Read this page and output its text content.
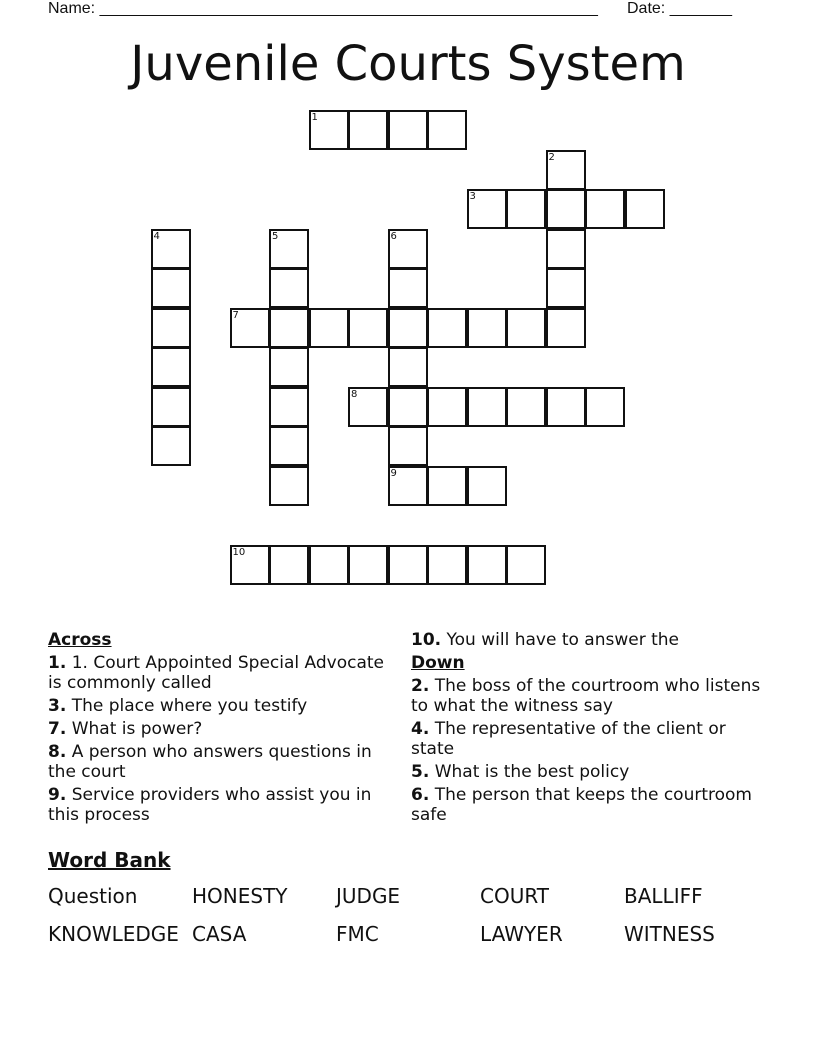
Name: ________________________________________________________ Date: _______
Juvenile Courts System
1
2
3
4	5	6
7
8
9
10
Across
1. 1. Court Appointed Special Advocate is commonly called
3. The place where you testify
7. What is power?
8. A person who answers questions in the court
9. Service providers who assist you in this process
10. You will have to answer the
Down
2. The boss of the courtroom who listens to what the witness say
4. The representative of the client or state
5. What is the best policy
6. The person that keeps the courtroom safe
Word Bank
Question	HONESTY JUDGE	COURT	BALLIFF
KNOWLEDGE CASA	FMC	LAWYER	WITNESS
